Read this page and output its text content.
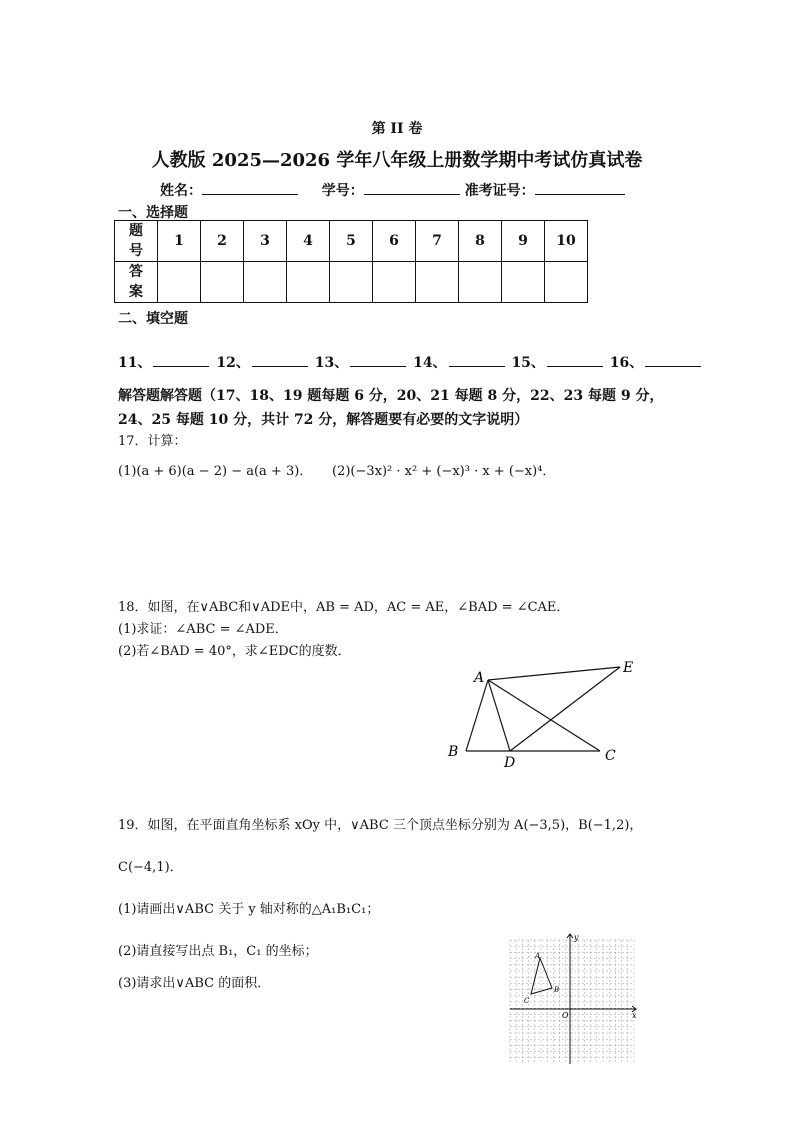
第 II 卷
人教版 2025—2026 学年八年级上册数学期中考试仿真试卷
姓名：	学号：	准考证号：
一、选择题
题号	1	2	3	4	5	6	7	8	9	10
答案										
二、填空题
11、	12、	13、	14、	15、	16、
解答题解答题（17、18、19 题每题 6 分，20、21 每题 8 分，22、23 每题 9 分，
24、25 每题 10 分，共计 72 分，解答题要有必要的文字说明）
17．计算：
(1)(a + 6)(a − 2) − a(a + 3)． (2)(−3x)² · x² + (−x)³ · x + (−x)⁴．
18．如图，在∨ABC和∨ADE中，AB = AD，AC = AE，∠BAD = ∠CAE．
(1)求证：∠ABC = ∠ADE．
(2)若∠BAD = 40°，求∠EDC的度数．
A
E
B
D	C
19．如图，在平面直角坐标系 xOy 中，∨ABC 三个顶点坐标分别为 A(−3,5)，B(−1,2)，
C(−4,1)．
(1)请画出∨ABC 关于 y 轴对称的△A₁B₁C₁；
(2)请直接写出点 B₁，C₁ 的坐标；
(3)请求出∨ABC 的面积．
x
y
O
A
B
C
